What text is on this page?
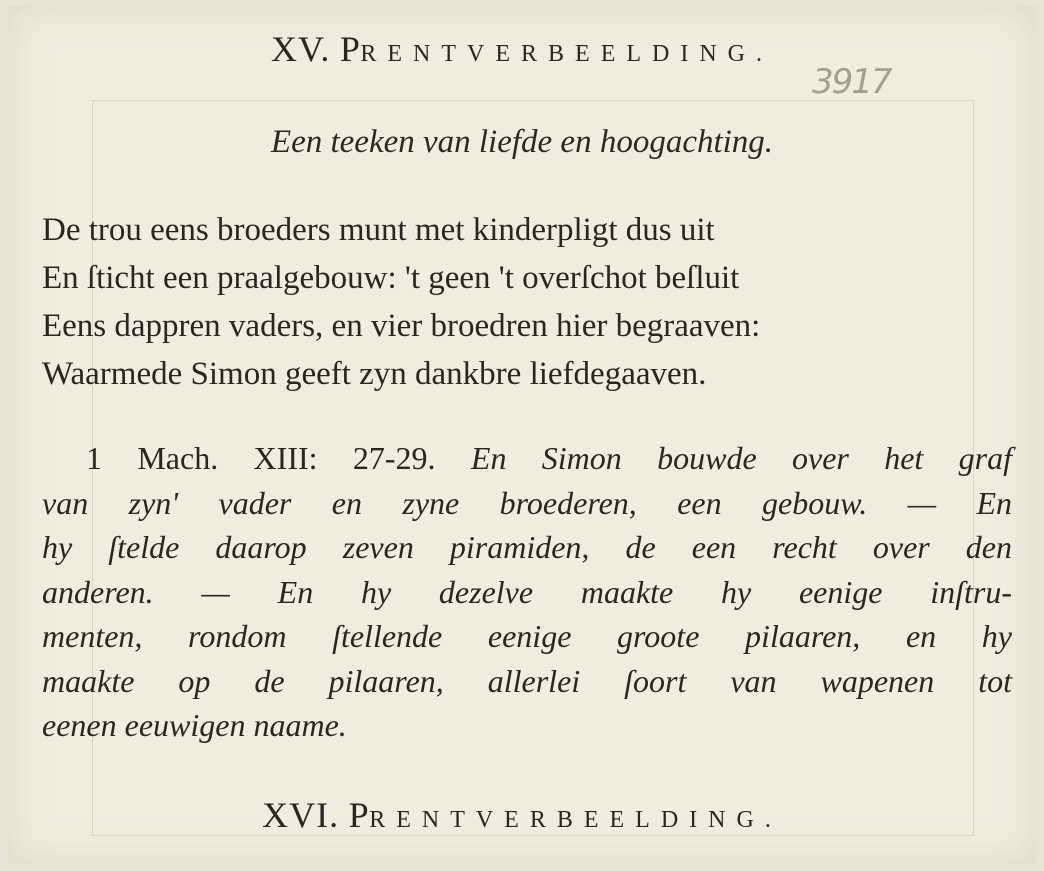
XV. PRENTVERBEELDING.
3917
Een teeken van liefde en hoogachting.
De trou eens broeders munt met kinderpligt dus uit
En ſticht een praalgebouw: 't geen 't overſchot beſluit
Eens dappren vaders, en vier broedren hier begraaven:
Waarmede Simon geeft zyn dankbre liefdegaaven.
1 Mach. XIII: 27-29. En Simon bouwde over het graf
van zyn' vader en zyne broederen, een gebouw. — En
hy ſtelde daarop zeven piramiden, de een recht over den
anderen. — En hy dezelve maakte hy eenige inſtru-
menten, rondom ſtellende eenige groote pilaaren, en hy
maakte op de pilaaren, allerlei ſoort van wapenen tot
eenen eeuwigen naame.
XVI. PRENTVERBEELDING.
